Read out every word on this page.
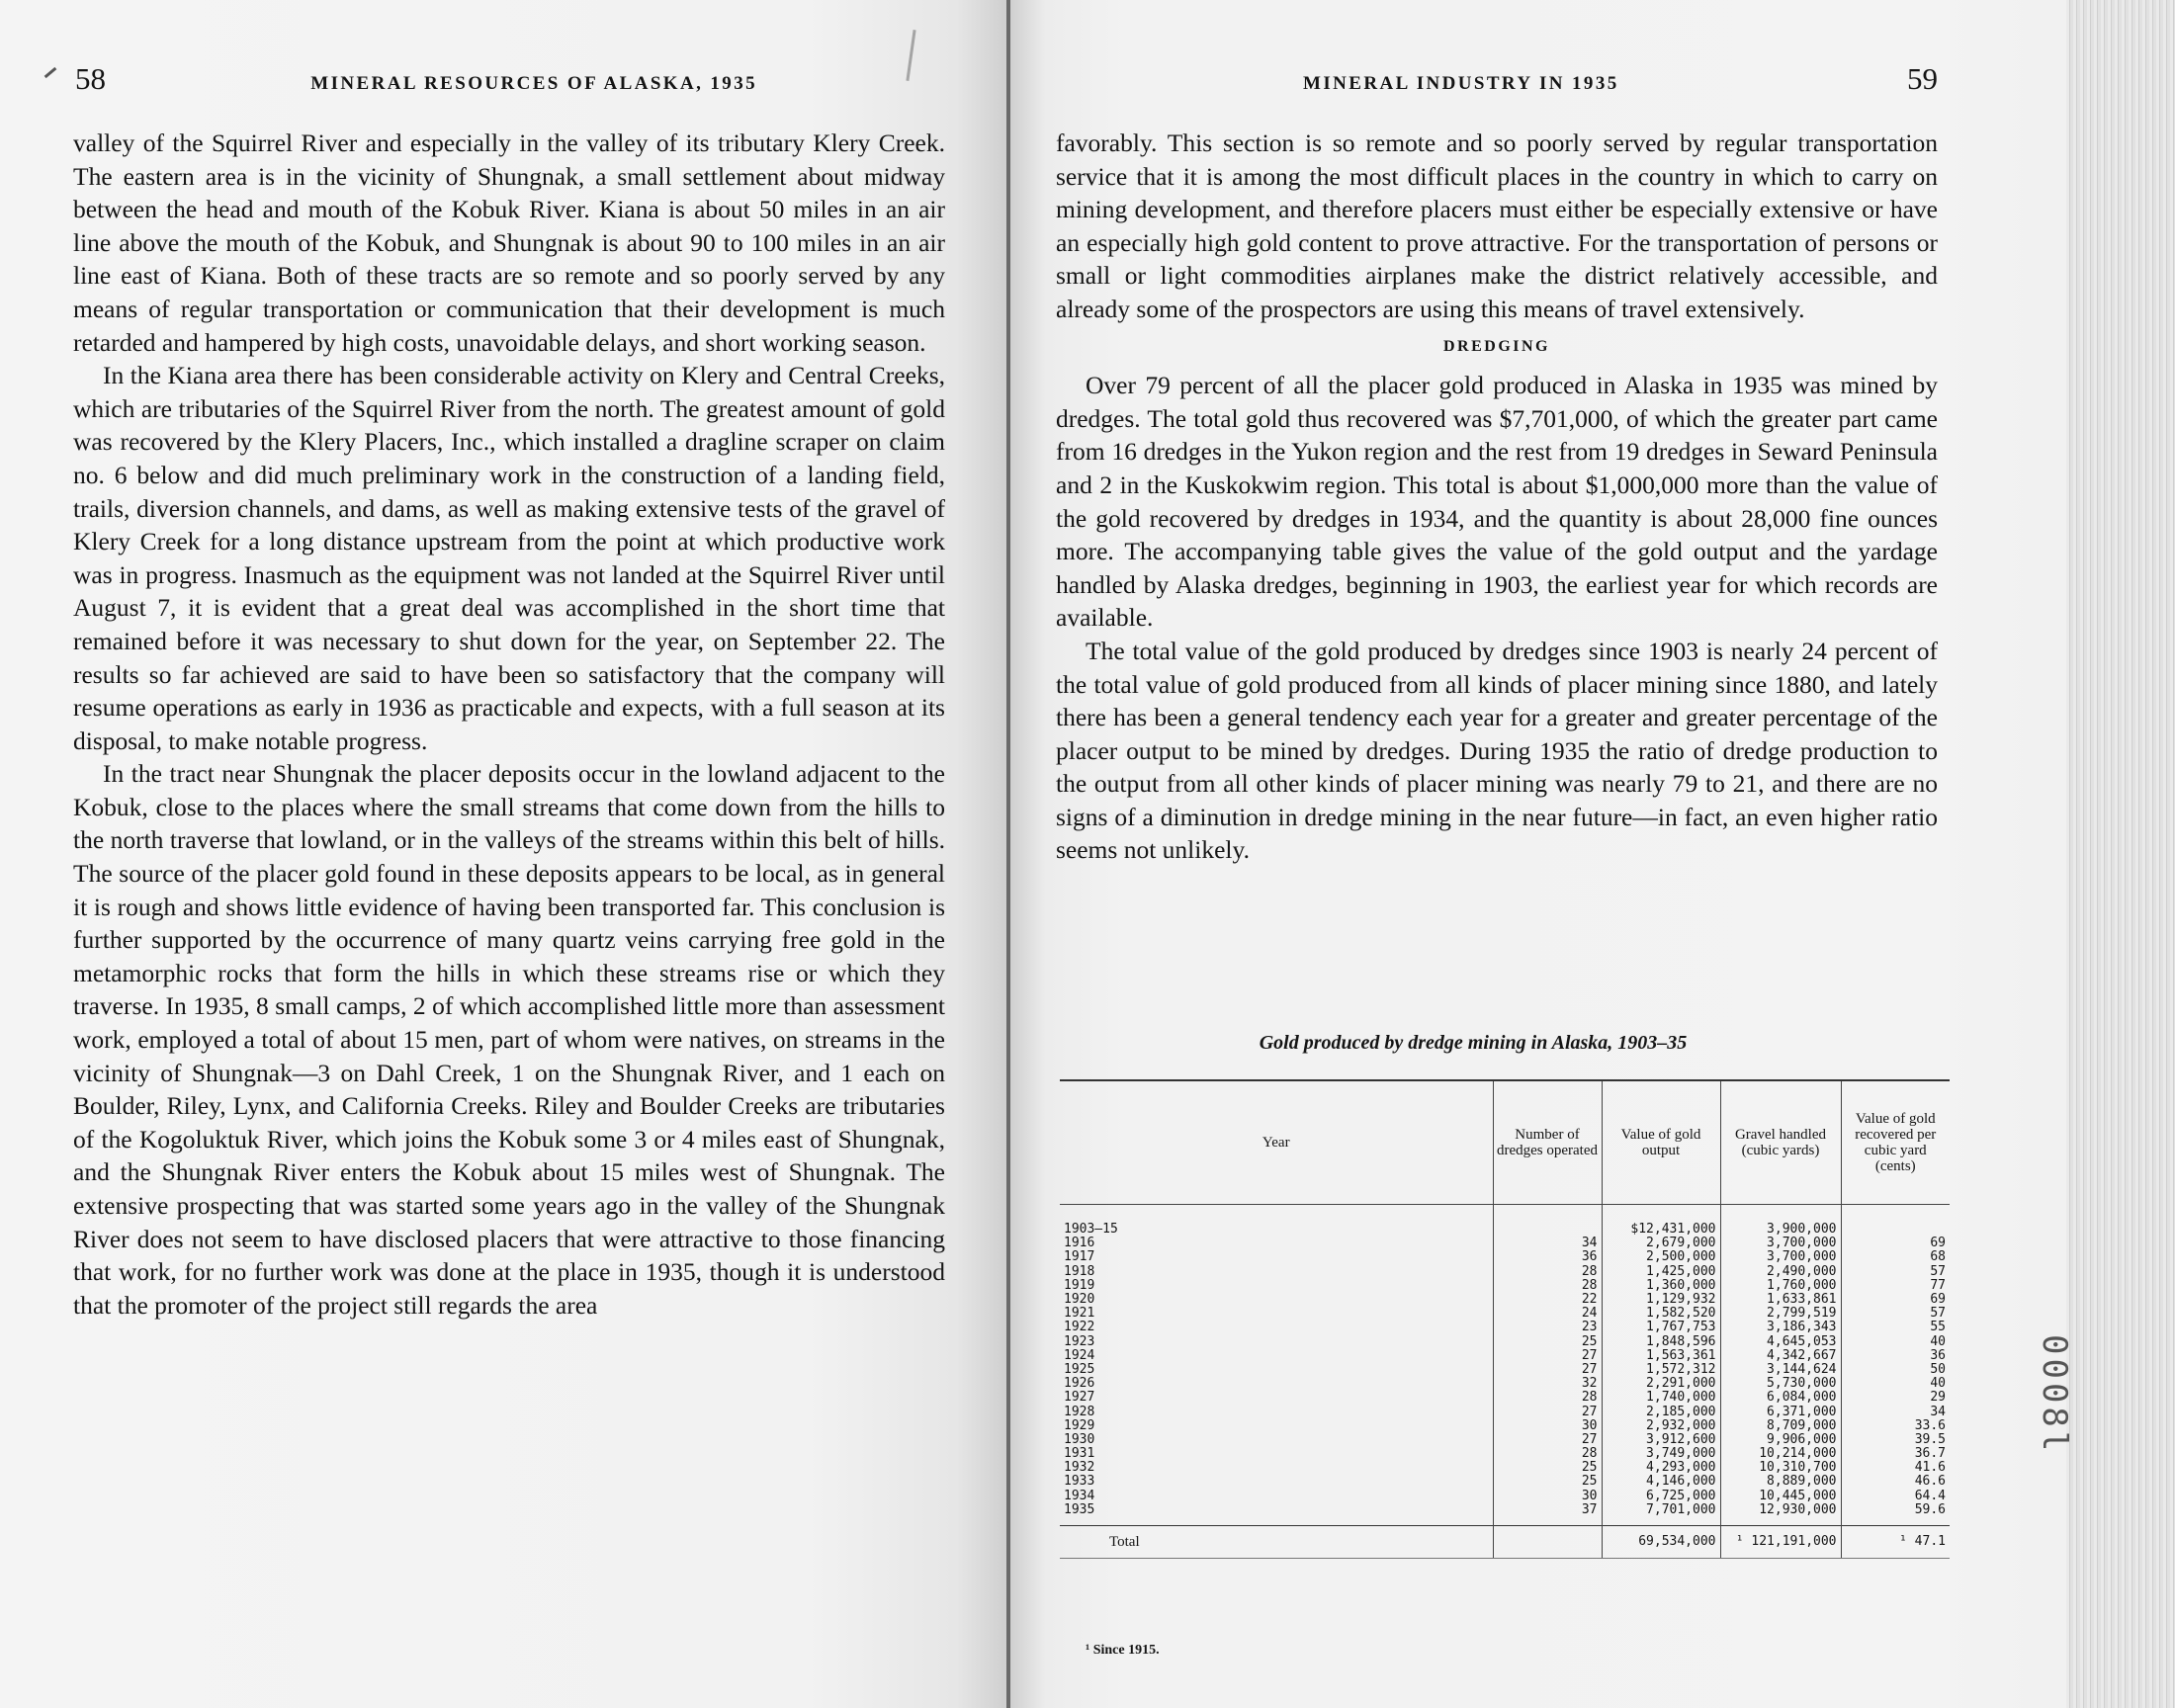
58	MINERAL RESOURCES OF ALASKA, 1935

valley of the Squirrel River and especially in the valley of its tributary Klery Creek. The eastern area is in the vicinity of Shungnak, a small settlement about midway between the head and mouth of the Kobuk River. Kiana is about 50 miles in an air line above the mouth of the Kobuk, and Shungnak is about 90 to 100 miles in an air line east of Kiana. Both of these tracts are so remote and so poorly served by any means of regular transportation or communication that their development is much retarded and hampered by high costs, unavoidable delays, and short working season.

In the Kiana area there has been considerable activity on Klery and Central Creeks, which are tributaries of the Squirrel River from the north. The greatest amount of gold was recovered by the Klery Placers, Inc., which installed a dragline scraper on claim no. 6 below and did much preliminary work in the construction of a landing field, trails, diversion channels, and dams, as well as making extensive tests of the gravel of Klery Creek for a long distance upstream from the point at which productive work was in progress. Inasmuch as the equipment was not landed at the Squirrel River until August 7, it is evident that a great deal was accomplished in the short time that remained before it was necessary to shut down for the year, on September 22. The results so far achieved are said to have been so satisfactory that the company will resume operations as early in 1936 as practicable and expects, with a full season at its disposal, to make notable progress.

In the tract near Shungnak the placer deposits occur in the lowland adjacent to the Kobuk, close to the places where the small streams that come down from the hills to the north traverse that lowland, or in the valleys of the streams within this belt of hills. The source of the placer gold found in these deposits appears to be local, as in general it is rough and shows little evidence of having been transported far. This conclusion is further supported by the occurrence of many quartz veins carrying free gold in the metamorphic rocks that form the hills in which these streams rise or which they traverse. In 1935, 8 small camps, 2 of which accomplished little more than assessment work, employed a total of about 15 men, part of whom were natives, on streams in the vicinity of Shungnak—3 on Dahl Creek, 1 on the Shungnak River, and 1 each on Boulder, Riley, Lynx, and California Creeks. Riley and Boulder Creeks are tributaries of the Kogoluktuk River, which joins the Kobuk some 3 or 4 miles east of Shungnak, and the Shungnak River enters the Kobuk about 15 miles west of Shungnak. The extensive prospecting that was started some years ago in the valley of the Shungnak River does not seem to have disclosed placers that were attractive to those financing that work, for no further work was done at the place in 1935, though it is understood that the promoter of the project still regards the area

MINERAL INDUSTRY IN 1935	59

favorably. This section is so remote and so poorly served by regular transportation service that it is among the most difficult places in the country in which to carry on mining development, and therefore placers must either be especially extensive or have an especially high gold content to prove attractive. For the transportation of persons or small or light commodities airplanes make the district relatively accessible, and already some of the prospectors are using this means of travel extensively.

DREDGING

Over 79 percent of all the placer gold produced in Alaska in 1935 was mined by dredges. The total gold thus recovered was $7,701,000, of which the greater part came from 16 dredges in the Yukon region and the rest from 19 dredges in Seward Peninsula and 2 in the Kuskokwim region. This total is about $1,000,000 more than the value of the gold recovered by dredges in 1934, and the quantity is about 28,000 fine ounces more. The accompanying table gives the value of the gold output and the yardage handled by Alaska dredges, beginning in 1903, the earliest year for which records are available.

The total value of the gold produced by dredges since 1903 is nearly 24 percent of the total value of gold produced from all kinds of placer mining since 1880, and lately there has been a general tendency each year for a greater and greater percentage of the placer output to be mined by dredges. During 1935 the ratio of dredge production to the output from all other kinds of placer mining was nearly 79 to 21, and there are no signs of a diminution in dredge mining in the near future—in fact, an even higher ratio seems not unlikely.

Gold produced by dredge mining in Alaska, 1903–35
Year	Number of dredges operated	Value of gold output	Gravel handled (cubic yards)	Value of gold recovered per cubic yard (cents)
1903–15		$12,431,000	3,900,000	
1916	34	2,679,000	3,700,000	69
1917	36	2,500,000	3,700,000	68
1918	28	1,425,000	2,490,000	57
1919	28	1,360,000	1,760,000	77
1920	22	1,129,932	1,633,861	69
1921	24	1,582,520	2,799,519	57
1922	23	1,767,753	3,186,343	55
1923	25	1,848,596	4,645,053	40
1924	27	1,563,361	4,342,667	36
1925	27	1,572,312	3,144,624	50
1926	32	2,291,000	5,730,000	40
1927	28	1,740,000	6,084,000	29
1928	27	2,185,000	6,371,000	34
1929	30	2,932,000	8,709,000	33.6
1930	27	3,912,600	9,906,000	39.5
1931	28	3,749,000	10,214,000	36.7
1932	25	4,293,000	10,310,700	41.6
1933	25	4,146,000	8,889,000	46.6
1934	30	6,725,000	10,445,000	64.4
1935	37	7,701,000	12,930,000	59.6
Total		69,534,000	¹ 121,191,000	¹ 47.1
¹ Since 1915.
0008l
